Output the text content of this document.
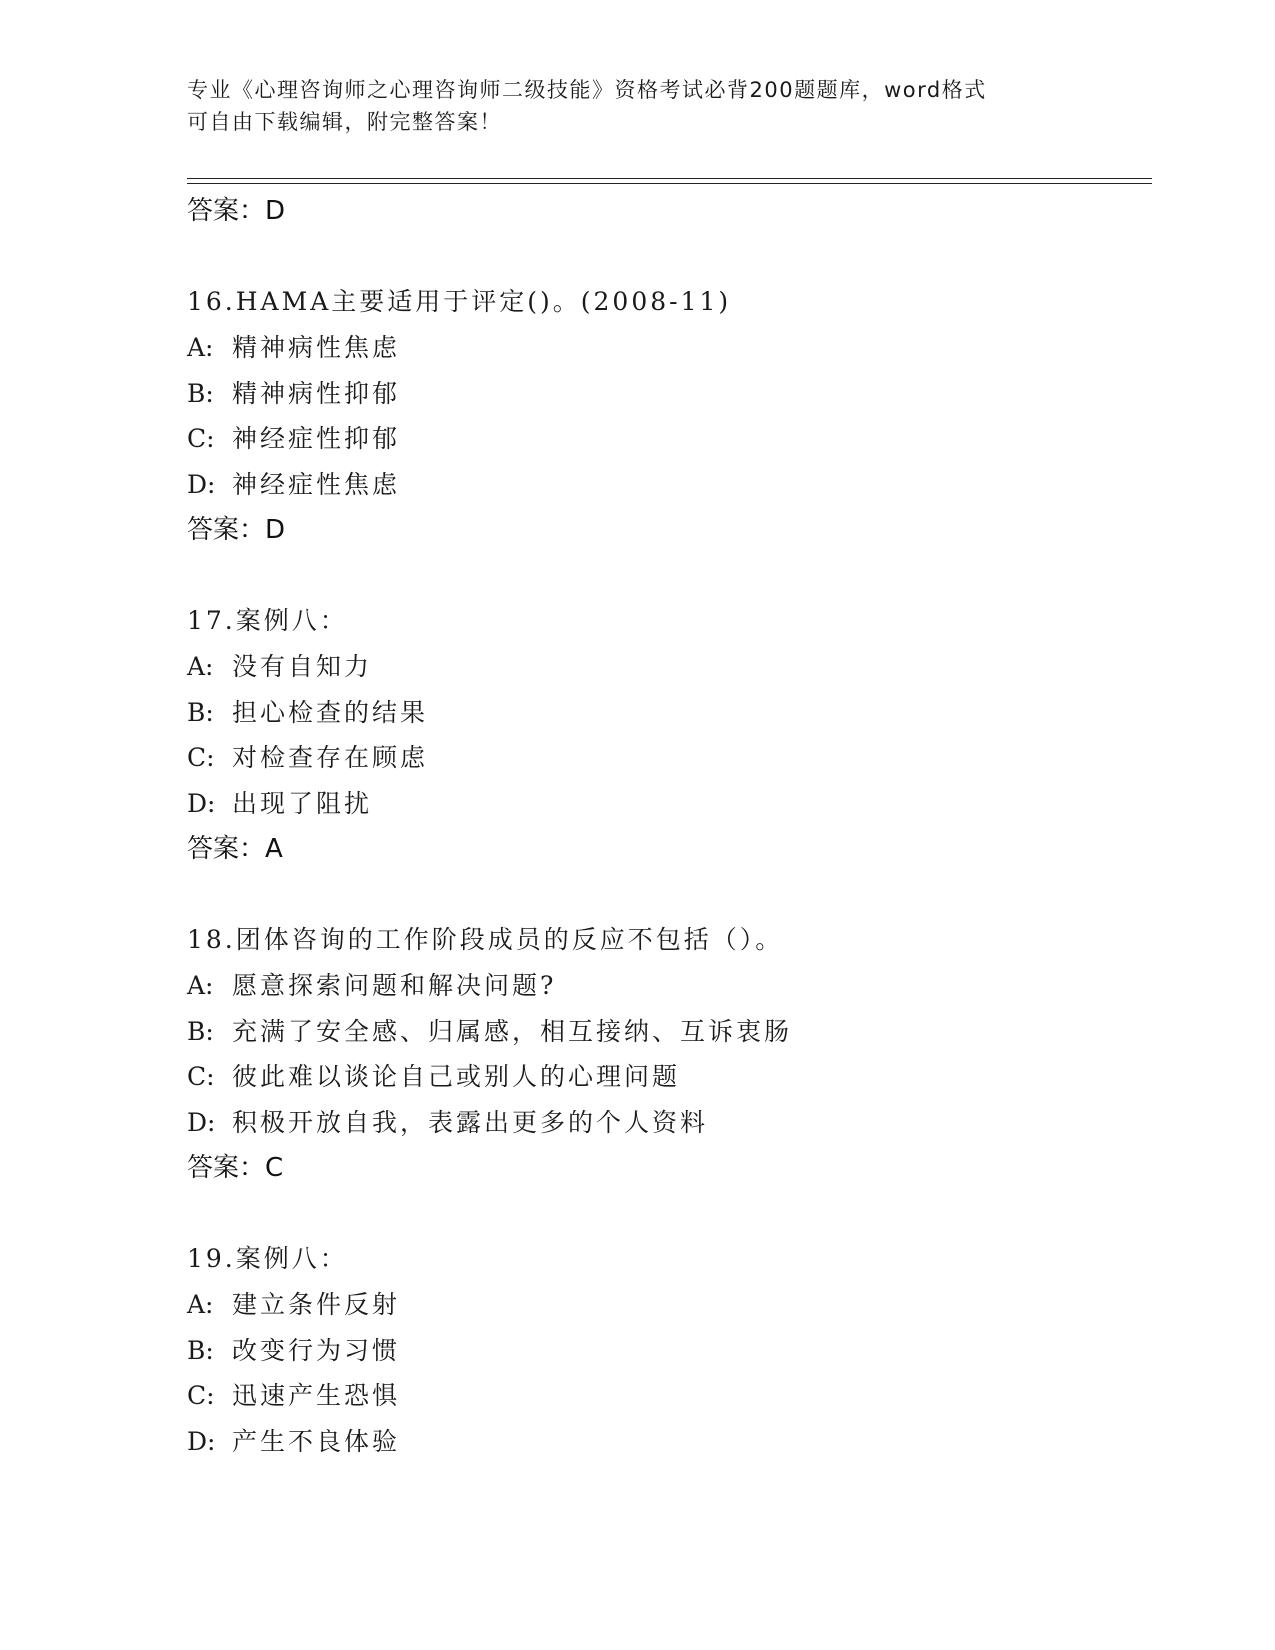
专业《心理咨询师之心理咨询师二级技能》资格考试必背200题题库，word格式
可自由下载编辑，附完整答案！
答案：D
16.HAMA主要适用于评定()。(2008-11)
A: 精神病性焦虑
B: 精神病性抑郁
C: 神经症性抑郁
D: 神经症性焦虑
答案：D
17.案例八：
A: 没有自知力
B: 担心检查的结果
C: 对检查存在顾虑
D: 出现了阻扰
答案：A
18.团体咨询的工作阶段成员的反应不包括（）。
A: 愿意探索问题和解决问题?
B: 充满了安全感、归属感，相互接纳、互诉衷肠
C: 彼此难以谈论自己或别人的心理问题
D: 积极开放自我，表露出更多的个人资料
答案：C
19.案例八：
A: 建立条件反射
B: 改变行为习惯
C: 迅速产生恐惧
D: 产生不良体验
